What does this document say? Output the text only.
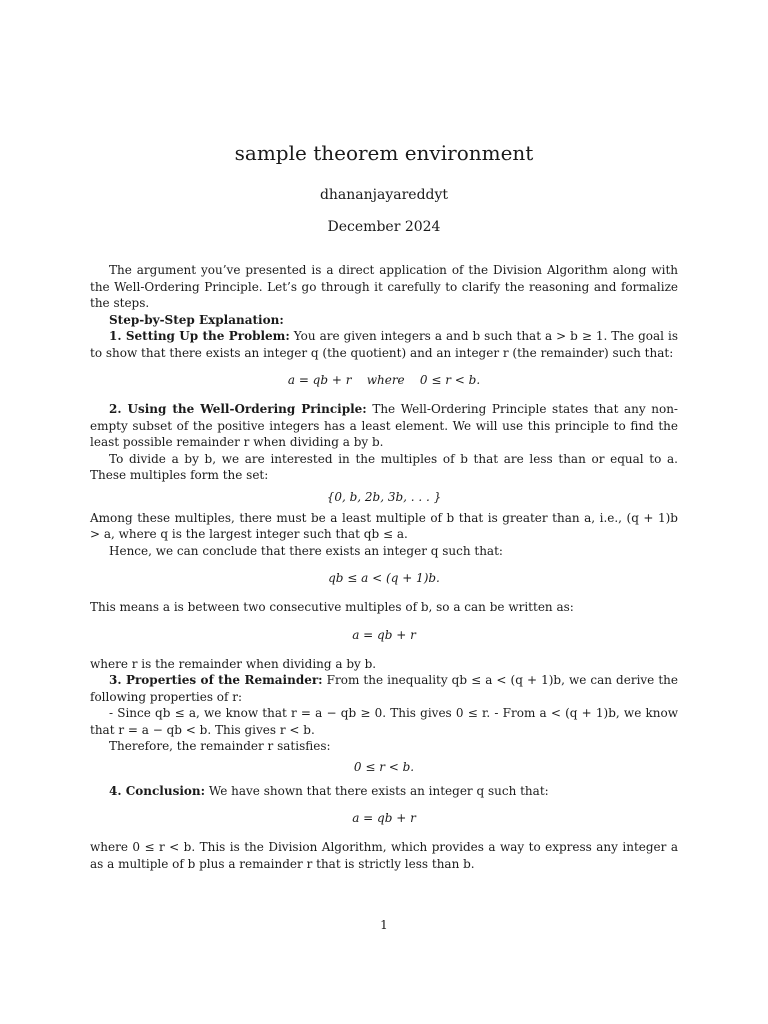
sample theorem environment
dhananjayareddyt
December 2024

The argument you’ve presented is a direct application of the Division Algorithm along with the Well-Ordering Principle. Let’s go through it carefully to clarify the reasoning and formalize the steps.

Step-by-Step Explanation:

1. Setting Up the Problem: You are given integers a and b such that a > b ≥ 1. The goal is to show that there exists an integer q (the quotient) and an integer r (the remainder) such that:

a = qb + r    where    0 ≤ r < b.

2. Using the Well-Ordering Principle: The Well-Ordering Principle states that any non-empty subset of the positive integers has a least element. We will use this principle to find the least possible remainder r when dividing a by b.

To divide a by b, we are interested in the multiples of b that are less than or equal to a. These multiples form the set:

{0, b, 2b, 3b, . . . }

Among these multiples, there must be a least multiple of b that is greater than a, i.e., (q + 1)b > a, where q is the largest integer such that qb ≤ a.

Hence, we can conclude that there exists an integer q such that:

qb ≤ a < (q + 1)b.

This means a is between two consecutive multiples of b, so a can be written as:

a = qb + r

where r is the remainder when dividing a by b.

3. Properties of the Remainder: From the inequality qb ≤ a < (q + 1)b, we can derive the following properties of r:

- Since qb ≤ a, we know that r = a − qb ≥ 0. This gives 0 ≤ r. - From a < (q + 1)b, we know that r = a − qb < b. This gives r < b.

Therefore, the remainder r satisfies:

0 ≤ r < b.

4. Conclusion: We have shown that there exists an integer q such that:

a = qb + r

where 0 ≤ r < b. This is the Division Algorithm, which provides a way to express any integer a as a multiple of b plus a remainder r that is strictly less than b.

1
